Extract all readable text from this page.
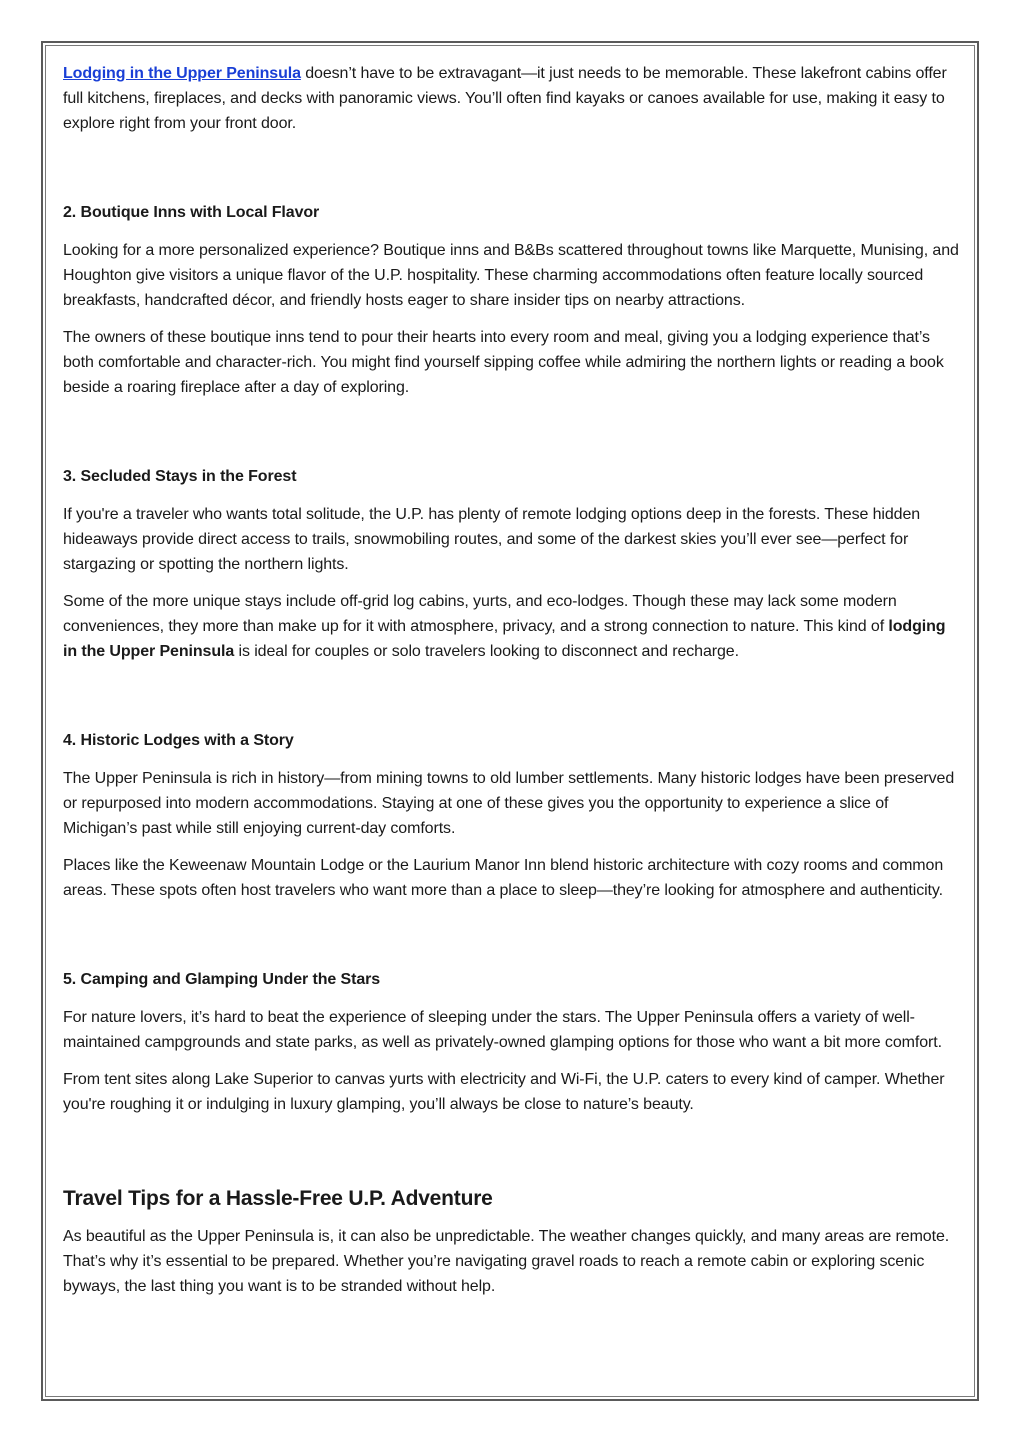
Lodging in the Upper Peninsula doesn’t have to be extravagant—it just needs to be memorable. These lakefront cabins offer full kitchens, fireplaces, and decks with panoramic views. You’ll often find kayaks or canoes available for use, making it easy to explore right from your front door.

2. Boutique Inns with Local Flavor

Looking for a more personalized experience? Boutique inns and B&Bs scattered throughout towns like Marquette, Munising, and Houghton give visitors a unique flavor of the U.P. hospitality. These charming accommodations often feature locally sourced breakfasts, handcrafted décor, and friendly hosts eager to share insider tips on nearby attractions.

The owners of these boutique inns tend to pour their hearts into every room and meal, giving you a lodging experience that’s both comfortable and character-rich. You might find yourself sipping coffee while admiring the northern lights or reading a book beside a roaring fireplace after a day of exploring.

3. Secluded Stays in the Forest

If you're a traveler who wants total solitude, the U.P. has plenty of remote lodging options deep in the forests. These hidden hideaways provide direct access to trails, snowmobiling routes, and some of the darkest skies you’ll ever see—perfect for stargazing or spotting the northern lights.

Some of the more unique stays include off-grid log cabins, yurts, and eco-lodges. Though these may lack some modern conveniences, they more than make up for it with atmosphere, privacy, and a strong connection to nature. This kind of lodging in the Upper Peninsula is ideal for couples or solo travelers looking to disconnect and recharge.

4. Historic Lodges with a Story

The Upper Peninsula is rich in history—from mining towns to old lumber settlements. Many historic lodges have been preserved or repurposed into modern accommodations. Staying at one of these gives you the opportunity to experience a slice of Michigan’s past while still enjoying current-day comforts.

Places like the Keweenaw Mountain Lodge or the Laurium Manor Inn blend historic architecture with cozy rooms and common areas. These spots often host travelers who want more than a place to sleep—they’re looking for atmosphere and authenticity.

5. Camping and Glamping Under the Stars

For nature lovers, it’s hard to beat the experience of sleeping under the stars. The Upper Peninsula offers a variety of well-maintained campgrounds and state parks, as well as privately-owned glamping options for those who want a bit more comfort.

From tent sites along Lake Superior to canvas yurts with electricity and Wi-Fi, the U.P. caters to every kind of camper. Whether you're roughing it or indulging in luxury glamping, you’ll always be close to nature’s beauty.

Travel Tips for a Hassle-Free U.P. Adventure

As beautiful as the Upper Peninsula is, it can also be unpredictable. The weather changes quickly, and many areas are remote. That’s why it’s essential to be prepared. Whether you’re navigating gravel roads to reach a remote cabin or exploring scenic byways, the last thing you want is to be stranded without help.
